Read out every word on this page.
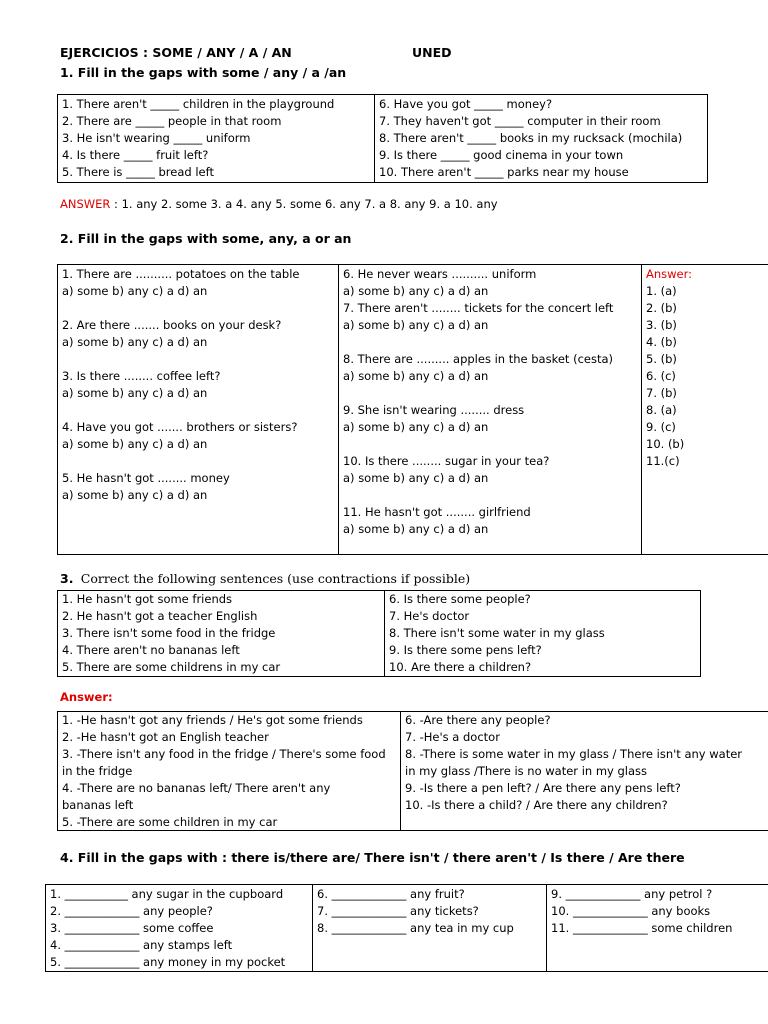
EJERCICIOS : SOME / ANY / A / AN	UNED
1. Fill in the gaps with some / any / a /an
1. There aren't _____ children in the playground
2. There are _____ people in that room
3. He isn't wearing _____ uniform
4. Is there _____ fruit left?
5. There is _____ bread left
6. Have you got _____ money?
7. They haven't got _____ computer in their room
8. There aren't _____ books in my rucksack (mochila)
9. Is there _____ good cinema in your town
10. There aren't _____ parks near my house
ANSWER : 1. any 2. some 3. a 4. any 5. some 6. any 7. a 8. any 9. a 10. any
2. Fill in the gaps with some, any, a or an
1. There are .......... potatoes on the table
a) some b) any c) a d) an
2. Are there ....... books on your desk?
a) some b) any c) a d) an
3. Is there ........ coffee left?
a) some b) any c) a d) an
4. Have you got ....... brothers or sisters?
a) some b) any c) a d) an
5. He hasn't got ........ money
a) some b) any c) a d) an
6. He never wears .......... uniform
a) some b) any c) a d) an
7. There aren't ........ tickets for the concert left
a) some b) any c) a d) an
8. There are ......... apples in the basket (cesta)
a) some b) any c) a d) an
9. She isn't wearing ........ dress
a) some b) any c) a d) an
10. Is there ........ sugar in your tea?
a) some b) any c) a d) an
11. He hasn't got ........ girlfriend
a) some b) any c) a d) an
Answer:
1. (a)
2. (b)
3. (b)
4. (b)
5. (b)
6. (c)
7. (b)
8. (a)
9. (c)
10. (b)
11.(c)
3. Correct the following sentences (use contractions if possible)
1. He hasn't got some friends
2. He hasn't got a teacher English
3. There isn't some food in the fridge
4. There aren't no bananas left
5. There are some childrens in my car
6. Is there some people?
7. He's doctor
8. There isn't some water in my glass
9. Is there some pens left?
10. Are there a children?
Answer:
1. -He hasn't got any friends / He's got some friends
2. -He hasn't got an English teacher
3. -There isn't any food in the fridge / There's some food in the fridge
4. -There are no bananas left/ There aren't any bananas left
5. -There are some children in my car
6. -Are there any people?
7. -He's a doctor
8. -There is some water in my glass / There isn't any water in my glass /There is no water in my glass
9. -Is there a pen left? / Are there any pens left?
10. -Is there a child? / Are there any children?
4. Fill in the gaps with : there is/there are/ There isn't / there aren't / Is there / Are there
1. ___________ any sugar in the cupboard
2. _____________ any people?
3. _____________ some coffee
4. _____________ any stamps left
5. _____________ any money in my pocket
6. _____________ any fruit?
7. _____________ any tickets?
8. _____________ any tea in my cup
9. _____________ any petrol ?
10. _____________ any books
11. _____________ some children
